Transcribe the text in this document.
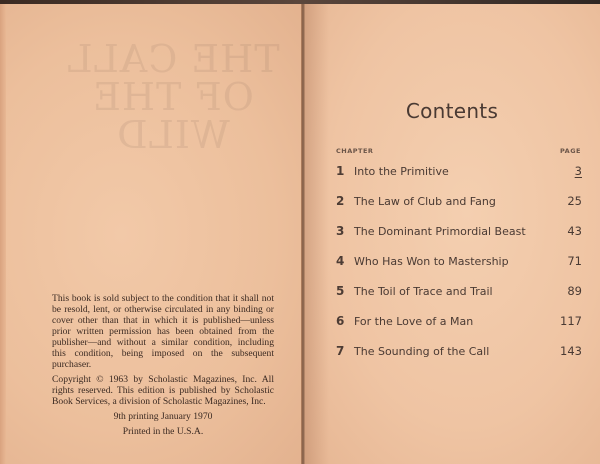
THE CALL
OF THE
WILD

This book is sold subject to the condition that it shall not be resold, lent, or otherwise circulated in any binding or cover other than that in which it is published—unless prior written permission has been obtained from the publisher—and without a similar condition, including this condition, being imposed on the subsequent purchaser.

Copyright © 1963 by Scholastic Magazines, Inc. All rights reserved. This edition is published by Scholastic Book Services, a division of Scholastic Magazines, Inc.

9th printing January 1970

Printed in the U.S.A.

Contents
CHAPTER	PAGE
1 Into the Primitive	3
2 The Law of Club and Fang	25
3 The Dominant Primordial Beast	43
4 Who Has Won to Mastership	71
5 The Toil of Trace and Trail	89
6 For the Love of a Man	117
7 The Sounding of the Call	143
